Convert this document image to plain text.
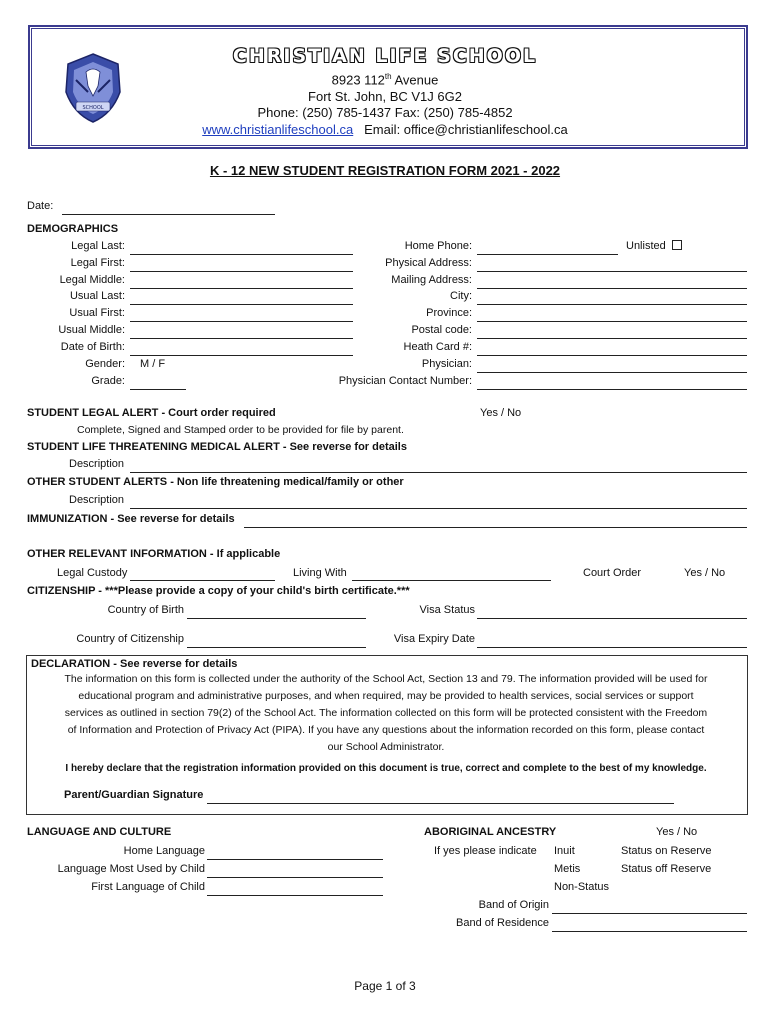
SCHOOL
CHRISTIAN LIFE SCHOOL
8923 112th Avenue
Fort St. John, BC V1J 6G2
Phone: (250) 785-1437 Fax: (250) 785-4852
www.christianlifeschool.ca Email: office@christianlifeschool.ca
K - 12 NEW STUDENT REGISTRATION FORM 2021 - 2022
Date:
DEMOGRAPHICS
Legal Last:
Legal First:
Legal Middle:
Usual Last:
Usual First:
Usual Middle:
Date of Birth:
Gender: M / F
Grade:
Home Phone:	Unlisted
Physical Address:
Mailing Address:
City:
Province:
Postal code:
Heath Card #:
Physician:
Physician Contact Number:
STUDENT LEGAL ALERT - Court order required	Yes / No
Complete, Signed and Stamped order to be provided for file by parent.
STUDENT LIFE THREATENING MEDICAL ALERT - See reverse for details
Description
OTHER STUDENT ALERTS - Non life threatening medical/family or other
Description
IMMUNIZATION - See reverse for details
OTHER RELEVANT INFORMATION - If applicable
Legal Custody	Living With	Court Order	Yes / No
CITIZENSHIP - ***Please provide a copy of your child's birth certificate.***
Country of Birth	Visa Status
Country of Citizenship	Visa Expiry Date
DECLARATION - See reverse for details
The information on this form is collected under the authority of the School Act, Section 13 and 79. The information provided will be used for
educational program and administrative purposes, and when required, may be provided to health services, social services or support
services as outlined in section 79(2) of the School Act. The information collected on this form will be protected consistent with the Freedom
of Information and Protection of Privacy Act (PIPA). If you have any questions about the information recorded on this form, please contact
our School Administrator.
I hereby declare that the registration information provided on this document is true, correct and complete to the best of my knowledge.
Parent/Guardian Signature
LANGUAGE AND CULTURE
Home Language
Language Most Used by Child
First Language of Child
ABORIGINAL ANCESTRY	Yes / No
If yes please indicate Inuit	Status on Reserve
Metis	Status off Reserve
Non-Status
Band of Origin
Band of Residence
Page 1 of 3
